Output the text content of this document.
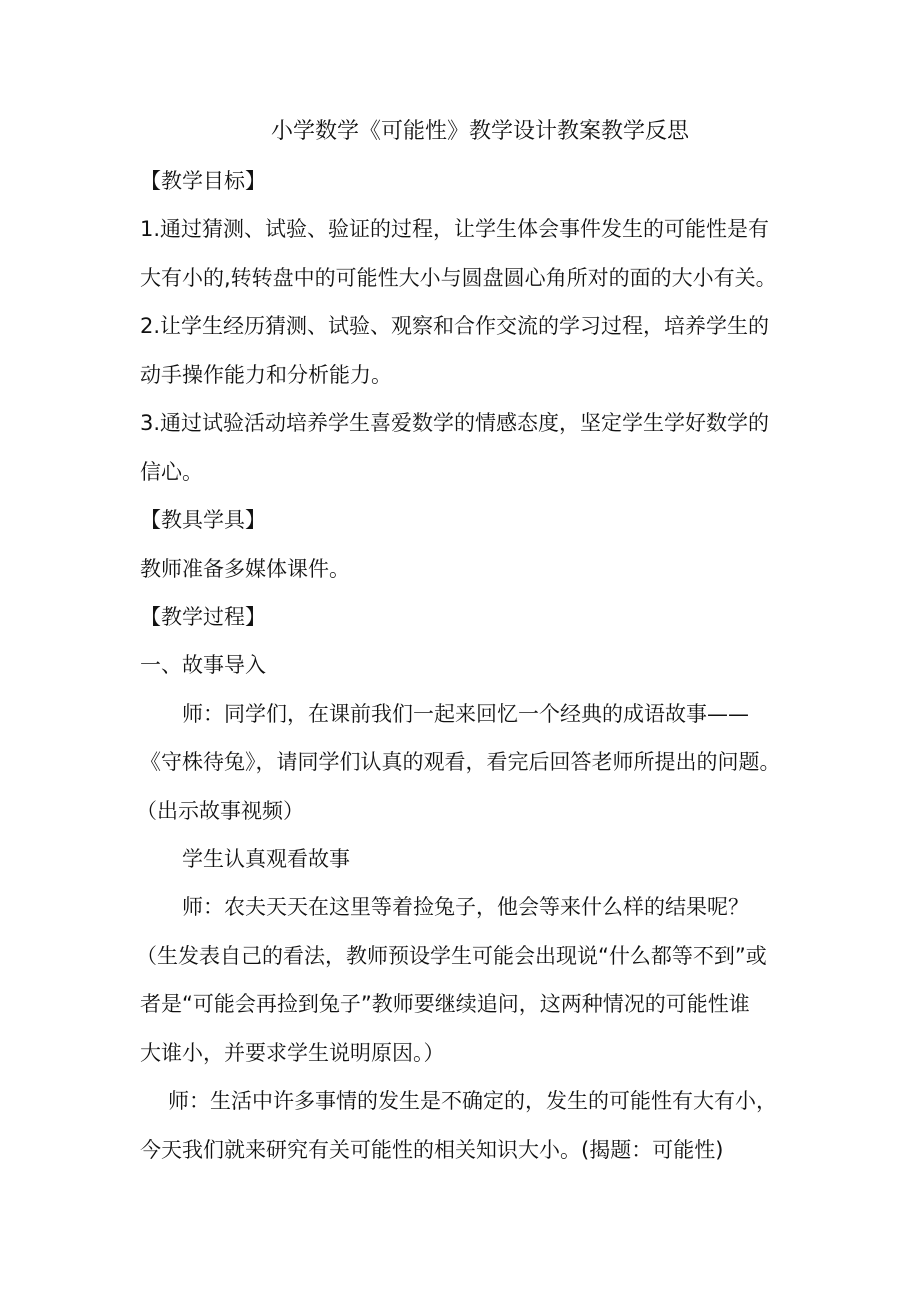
小学数学《可能性》教学设计教案教学反思
【教学目标】
1.通过猜测、试验、验证的过程，让学生体会事件发生的可能性是有
大有小的,转转盘中的可能性大小与圆盘圆心角所对的面的大小有关。
2.让学生经历猜测、试验、观察和合作交流的学习过程，培养学生的
动手操作能力和分析能力。
3.通过试验活动培养学生喜爱数学的情感态度，坚定学生学好数学的
信心。
【教具学具】
教师准备多媒体课件。
【教学过程】
一、故事导入
师：同学们，在课前我们一起来回忆一个经典的成语故事——
《守株待兔》，请同学们认真的观看，看完后回答老师所提出的问题。
（出示故事视频）
学生认真观看故事
师：农夫天天在这里等着捡兔子，他会等来什么样的结果呢？
（生发表自己的看法，教师预设学生可能会出现说“什么都等不到”或
者是“可能会再捡到兔子”教师要继续追问，这两种情况的可能性谁
大谁小，并要求学生说明原因。）
师：生活中许多事情的发生是不确定的，发生的可能性有大有小，
今天我们就来研究有关可能性的相关知识大小。(揭题：可能性)
